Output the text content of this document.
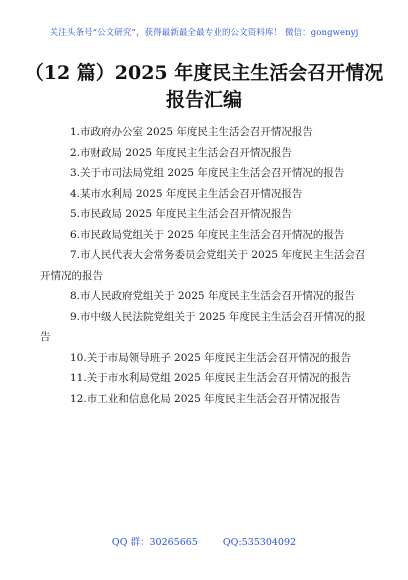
关注头条号“公文研究”，获得最新最全最专业的公文资料库！ 微信：gongwenyj
（12 篇）2025 年度民主生活会召开情况
报告汇编
1.市政府办公室 2025 年度民主生活会召开情况报告
2.市财政局 2025 年度民主生活会召开情况报告
3.关于市司法局党组 2025 年度民主生活会召开情况的报告
4.某市水利局 2025 年度民主生活会召开情况报告
5.市民政局 2025 年度民主生活会召开情况报告
6.市民政局党组关于 2025 年度民主生活会召开情况的报告
7.市人民代表大会常务委员会党组关于 2025 年度民主生活会召开情况的报告
8.市人民政府党组关于 2025 年度民主生活会召开情况的报告
9.市中级人民法院党组关于 2025 年度民主生活会召开情况的报告
10.关于市局领导班子 2025 年度民主生活会召开情况的报告
11.关于市水利局党组 2025 年度民主生活会召开情况的报告
12.市工业和信息化局 2025 年度民主生活会召开情况报告
QQ 群：30265665	QQ:535304092
